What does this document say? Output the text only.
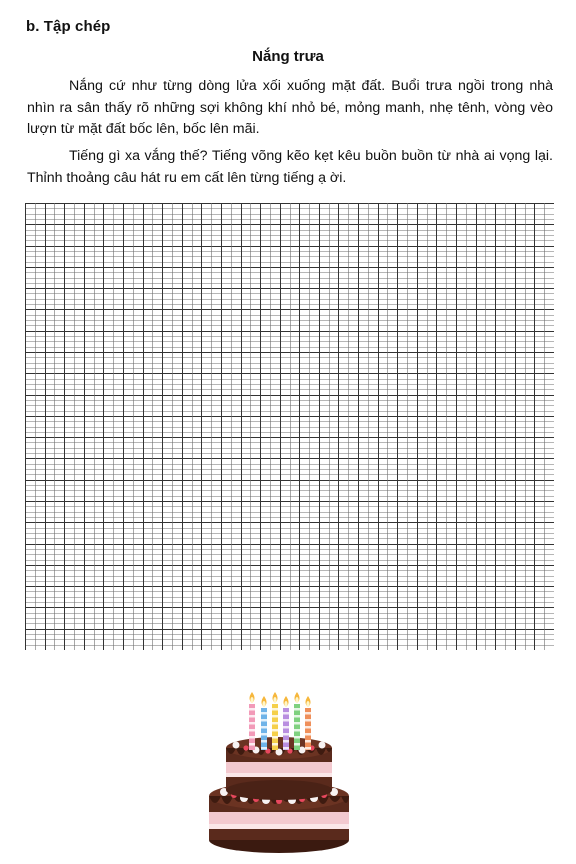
b. Tập chép
Nắng trưa

Nắng cứ như từng dòng lửa xối xuống mặt đất. Buổi trưa ngồi trong nhà nhìn ra sân thấy rõ những sợi không khí nhỏ bé, mỏng manh, nhẹ tênh, vòng vèo lượn từ mặt đất bốc lên, bốc lên mãi.

Tiếng gì xa vắng thế? Tiếng võng kẽo kẹt kêu buồn buồn từ nhà ai vọng lại. Thỉnh thoảng câu hát ru em cất lên từng tiếng ạ ời.
